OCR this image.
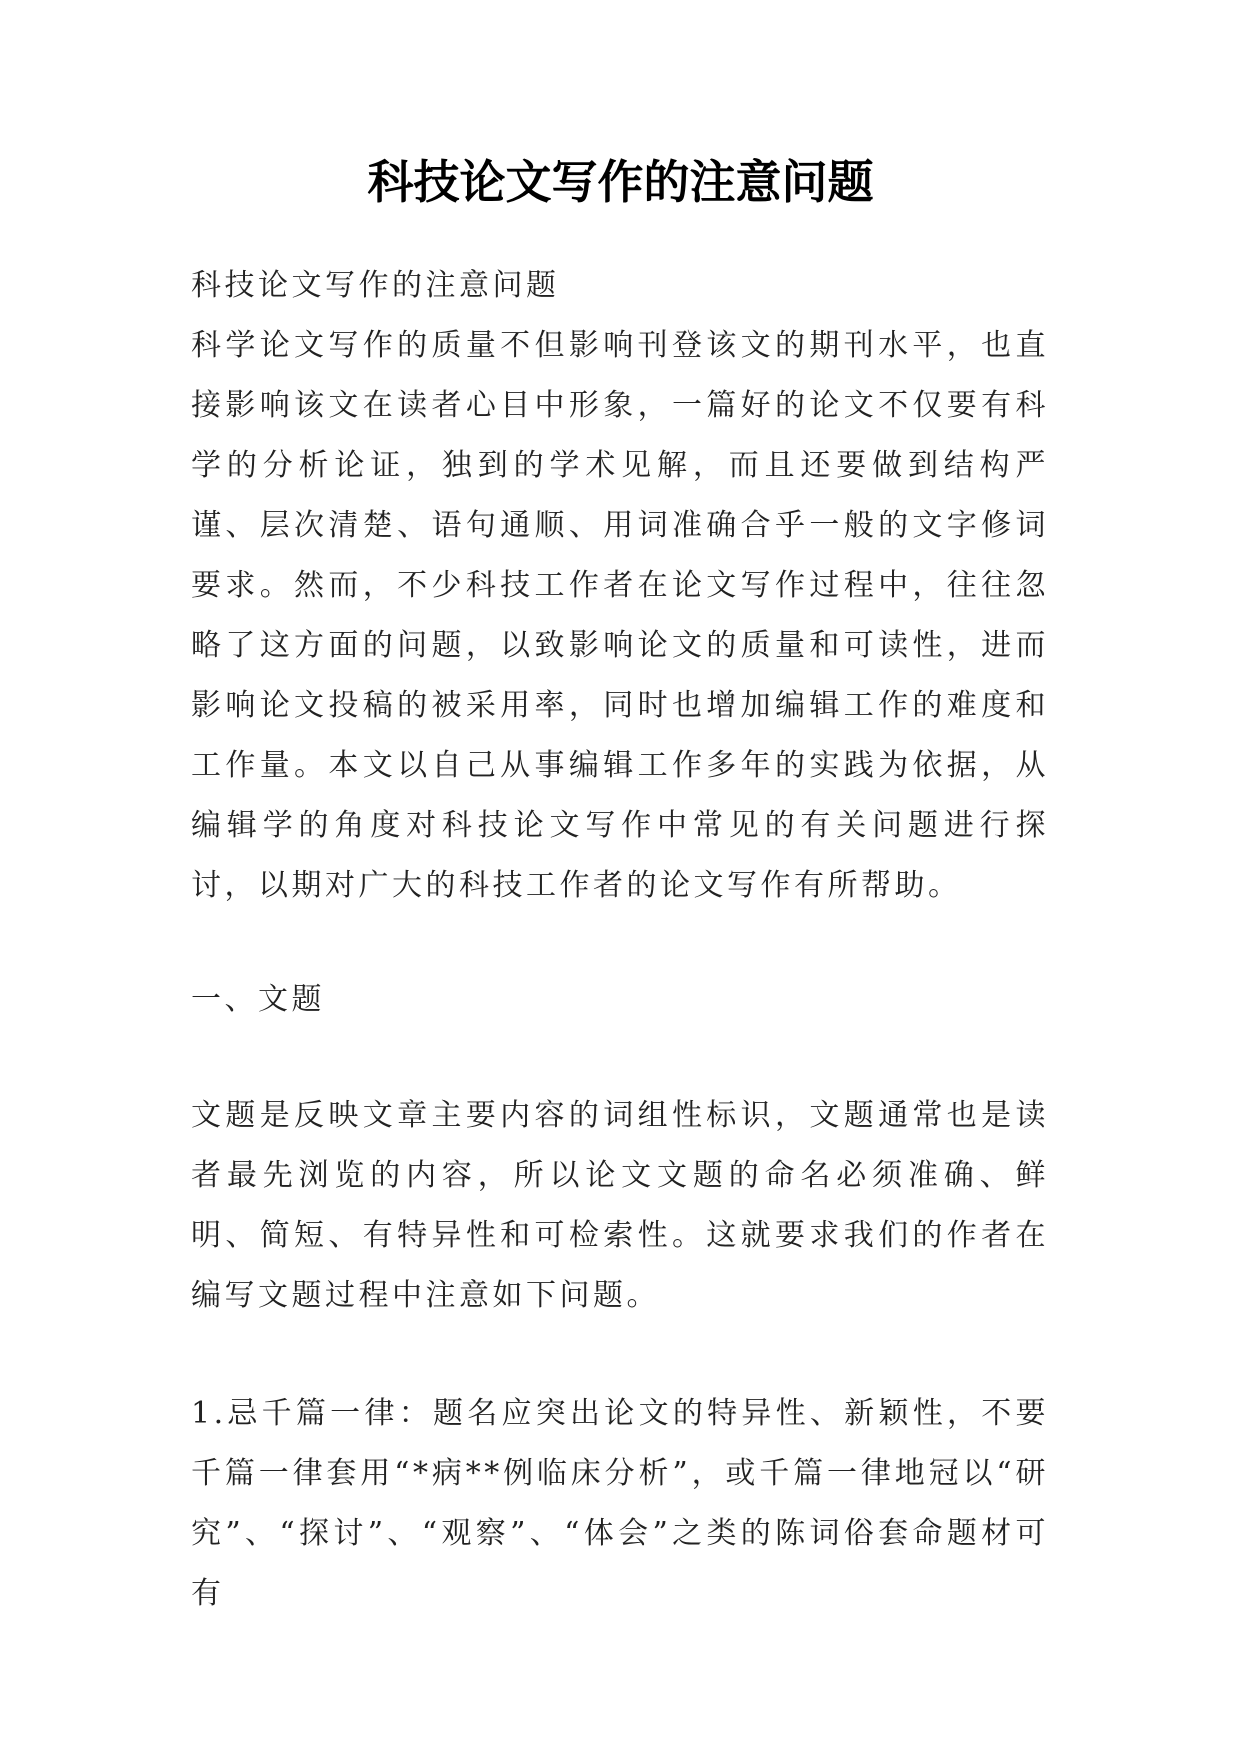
科技论文写作的注意问题

科技论文写作的注意问题

科学论文写作的质量不但影响刊登该文的期刊水平，也直接影响该文在读者心目中形象，一篇好的论文不仅要有科学的分析论证，独到的学术见解，而且还要做到结构严谨、层次清楚、语句通顺、用词准确合乎一般的文字修词要求。然而，不少科技工作者在论文写作过程中，往往忽略了这方面的问题，以致影响论文的质量和可读性，进而影响论文投稿的被采用率，同时也增加编辑工作的难度和工作量。本文以自己从事编辑工作多年的实践为依据，从编辑学的角度对科技论文写作中常见的有关问题进行探讨，以期对广大的科技工作者的论文写作有所帮助。

一、文题

文题是反映文章主要内容的词组性标识，文题通常也是读者最先浏览的内容，所以论文文题的命名必须准确、鲜明、简短、有特异性和可检索性。这就要求我们的作者在编写文题过程中注意如下问题。

1.忌千篇一律：题名应突出论文的特异性、新颖性，不要千篇一律套用“*病**例临床分析”，或千篇一律地冠以“研究”、“探讨”、“观察”、“体会”之类的陈词俗套命题材可有
